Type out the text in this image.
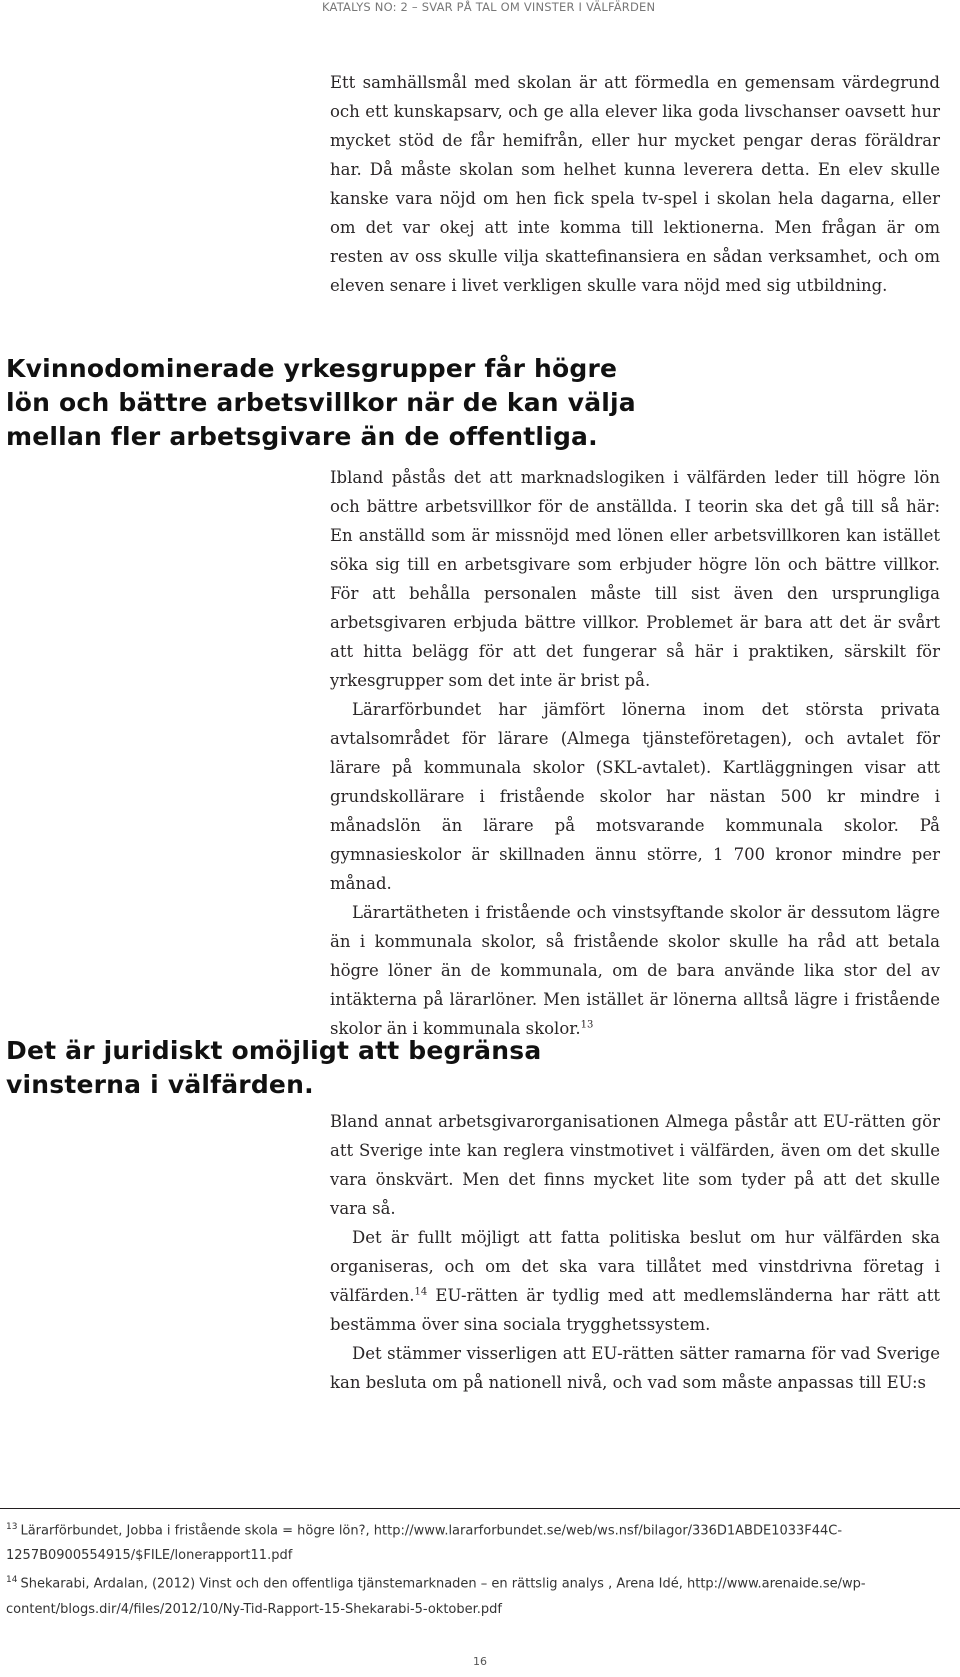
KATALYS NO: 2 – SVAR PÅ TAL OM VINSTER I VÄLFÄRDEN

Ett samhällsmål med skolan är att förmedla en gemensam värdegrund och ett kunskapsarv, och ge alla elever lika goda livschanser oavsett hur mycket stöd de får hemifrån, eller hur mycket pengar deras föräldrar har. Då måste skolan som helhet kunna leverera detta. En elev skulle kanske vara nöjd om hen fick spela tv-spel i skolan hela dagarna, eller om det var okej att inte komma till lektionerna. Men frågan är om resten av oss skulle vilja skattefinansiera en sådan verksamhet, och om eleven senare i livet verkligen skulle vara nöjd med sig utbildning.

Kvinnodominerade yrkesgrupper får högre lön och bättre arbetsvillkor när de kan välja mellan fler arbetsgivare än de offentliga.

Ibland påstås det att marknadslogiken i välfärden leder till högre lön och bättre arbetsvillkor för de anställda. I teorin ska det gå till så här: En anställd som är missnöjd med lönen eller arbetsvillkoren kan istället söka sig till en arbetsgivare som erbjuder högre lön och bättre villkor. För att behålla personalen måste till sist även den ursprungliga arbetsgivaren erbjuda bättre villkor. Problemet är bara att det är svårt att hitta belägg för att det fungerar så här i praktiken, särskilt för yrkesgrupper som det inte är brist på.

Lärarförbundet har jämfört lönerna inom det största privata avtalsområdet för lärare (Almega tjänsteföretagen), och avtalet för lärare på kommunala skolor (SKL-avtalet). Kartläggningen visar att grundskollärare i fristående skolor har nästan 500 kr mindre i månadslön än lärare på motsvarande kommunala skolor. På gymnasieskolor är skillnaden ännu större, 1 700 kronor mindre per månad.

Lärartätheten i fristående och vinstsyftande skolor är dessutom lägre än i kommunala skolor, så fristående skolor skulle ha råd att betala högre löner än de kommunala, om de bara använde lika stor del av intäkterna på lärarlöner. Men istället är lönerna alltså lägre i fristående skolor än i kommunala skolor.$^{13}$

Det är juridiskt omöjligt att begränsa vinsterna i välfärden.

Bland annat arbetsgivarorganisationen Almega påstår att EU-rätten gör att Sverige inte kan reglera vinstmotivet i välfärden, även om det skulle vara önskvärt. Men det finns mycket lite som tyder på att det skulle vara så.

Det är fullt möjligt att fatta politiska beslut om hur välfärden ska organiseras, och om det ska vara tillåtet med vinstdrivna företag i välfärden.$^{14}$ EU-rätten är tydlig med att medlemsländerna har rätt att bestämma över sina sociala trygghetssystem.

Det stämmer visserligen att EU-rätten sätter ramarna för vad Sverige kan besluta om på nationell nivå, och vad som måste anpassas till EU:s

$^{13}$ Lärarförbundet, Jobba i fristående skola = högre lön?, http://www.lararforbundet.se/web/ws.nsf/bilagor/336D1ABDE1033F44C-1257B0900554915/$FILE/lonerapport11.pdf

$^{14}$ Shekarabi, Ardalan, (2012) Vinst och den offentliga tjänstemarknaden – en rättslig analys , Arena Idé, http://www.arenaide.se/wp-content/blogs.dir/4/files/2012/10/Ny-Tid-Rapport-15-Shekarabi-5-oktober.pdf

16
